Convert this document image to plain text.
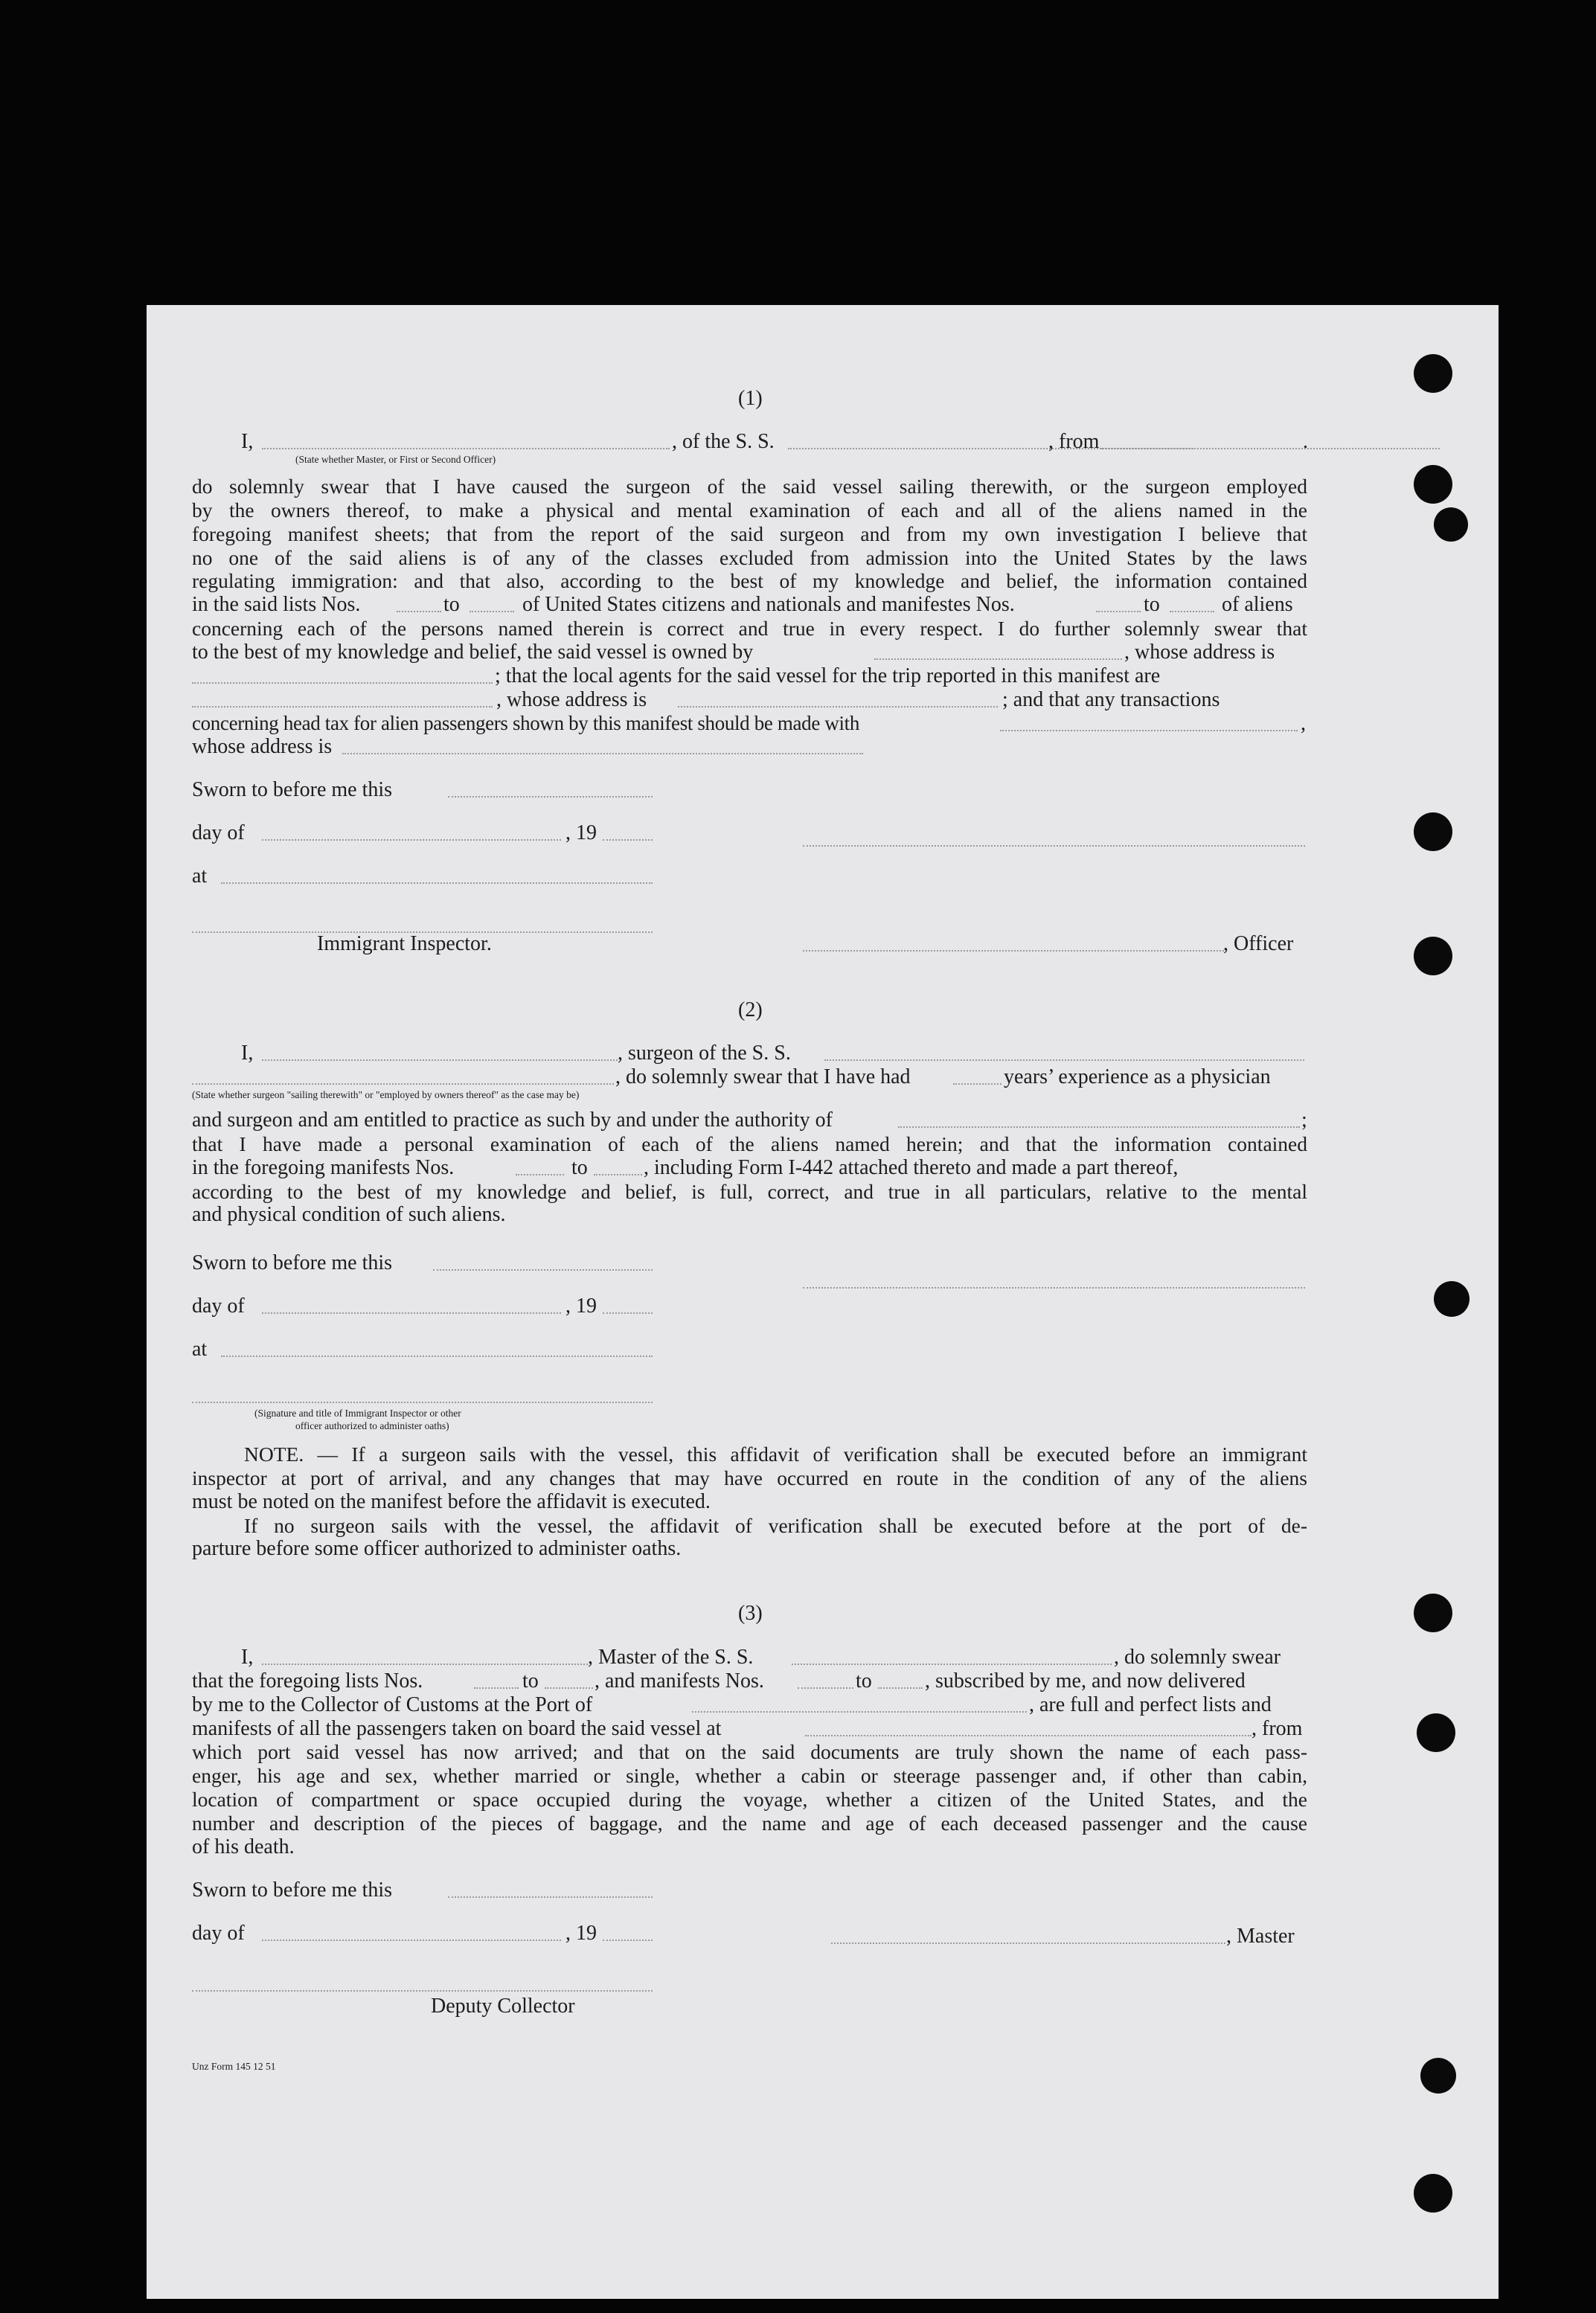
(1)
I,
(State whether Master, or First or Second Officer)
, of the S. S.	, from	.
do solemnly swear that I have caused the surgeon of the said vessel sailing therewith, or the surgeon employed
by the owners thereof, to make a physical and mental examination of each and all of the aliens named in the
foregoing manifest sheets; that from the report of the said surgeon and from my own investigation I believe that
no one of the said aliens is of any of the classes excluded from admission into the United States by the laws
regulating immigration: and that also, according to the best of my knowledge and belief, the information contained
in the said lists Nos.	to	of United States citizens and nationals and manifestes Nos.	to	of aliens
concerning each of the persons named therein is correct and true in every respect. I do further solemnly swear that
to the best of my knowledge and belief, the said vessel is owned by	, whose address is
; that the local agents for the said vessel for the trip reported in this manifest are
, whose address is	; and that any transactions
concerning head tax for alien passengers shown by this manifest should be made with	,
whose address is
Sworn to before me this
day of	, 19
at
Immigrant Inspector.	, Officer
(2)
I,	, surgeon of the S. S.
(State whether surgeon "sailing therewith" or "employed by owners thereof" as the case may be)
, do solemnly swear that I have had	years’ experience as a physician
and surgeon and am entitled to practice as such by and under the authority of	;
that I have made a personal examination of each of the aliens named herein; and that the information contained
in the foregoing manifests Nos.	to	, including Form I-442 attached thereto and made a part thereof,
according to the best of my knowledge and belief, is full, correct, and true in all particulars, relative to the mental
and physical condition of such aliens.
Sworn to before me this
day of	, 19
at
(Signature and title of Immigrant Inspector or other
officer authorized to administer oaths)
NOTE. — If a surgeon sails with the vessel, this affidavit of verification shall be executed before an immigrant
inspector at port of arrival, and any changes that may have occurred en route in the condition of any of the aliens
must be noted on the manifest before the affidavit is executed.
If no surgeon sails with the vessel, the affidavit of verification shall be executed before at the port of de-
parture before some officer authorized to administer oaths.
(3)
I,	, Master of the S. S.	, do solemnly swear
that the foregoing lists Nos.	to	, and manifests Nos.	to	, subscribed by me, and now delivered
by me to the Collector of Customs at the Port of	, are full and perfect lists and
manifests of all the passengers taken on board the said vessel at	, from
which port said vessel has now arrived; and that on the said documents are truly shown the name of each pass-
enger, his age and sex, whether married or single, whether a cabin or steerage passenger and, if other than cabin,
location of compartment or space occupied during the voyage, whether a citizen of the United States, and the
number and description of the pieces of baggage, and the name and age of each deceased passenger and the cause
of his death.
Sworn to before me this
day of	, 19	, Master
Deputy Collector
Unz Form 145 12 51
